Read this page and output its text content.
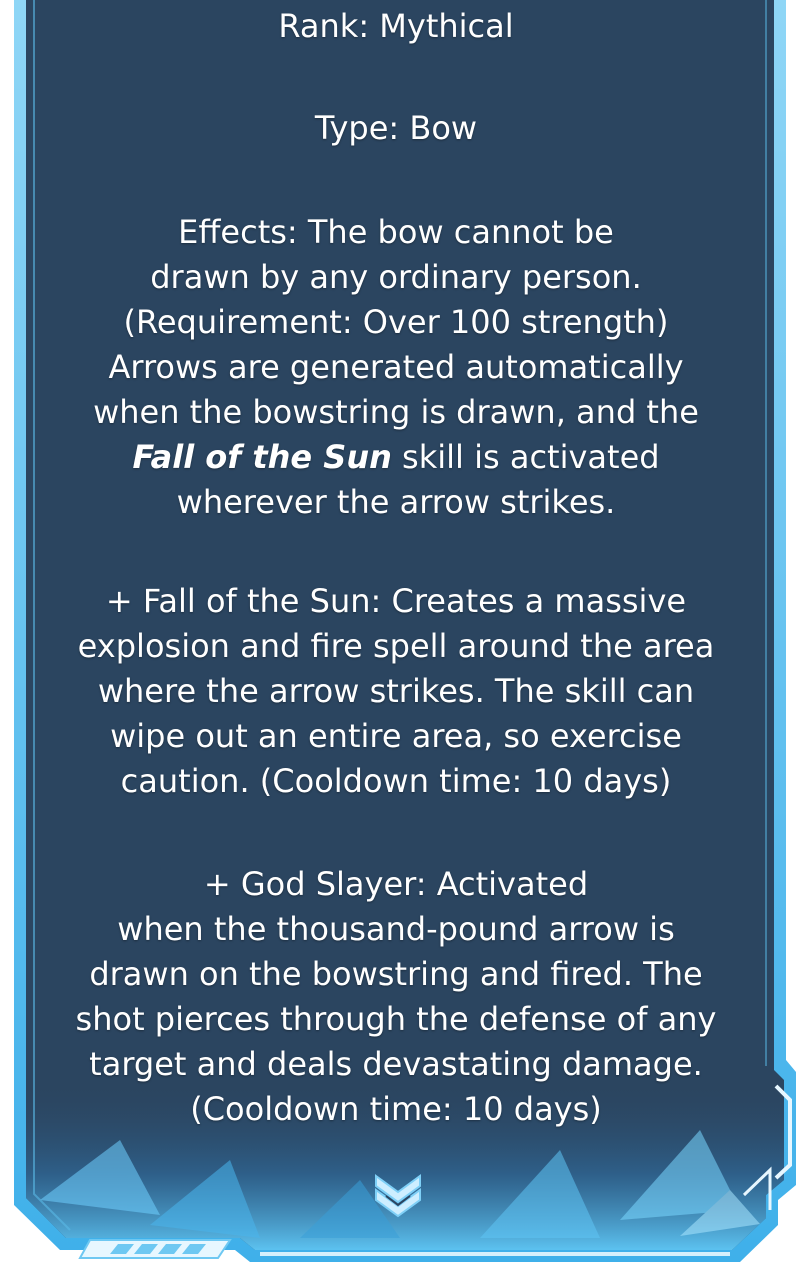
Rank: Mythical

Type: Bow

Effects: The bow cannot be
drawn by any ordinary person.
(Requirement: Over 100 strength)
Arrows are generated automatically
when the bowstring is drawn, and the
Fall of the Sun skill is activated
wherever the arrow strikes.
+ Fall of the Sun: Creates a massive
explosion and fire spell around the area
where the arrow strikes. The skill can
wipe out an entire area, so exercise
caution. (Cooldown time: 10 days)
+ God Slayer: Activated
when the thousand-pound arrow is
drawn on the bowstring and fired. The
shot pierces through the defense of any
target and deals devastating damage.
(Cooldown time: 10 days)
